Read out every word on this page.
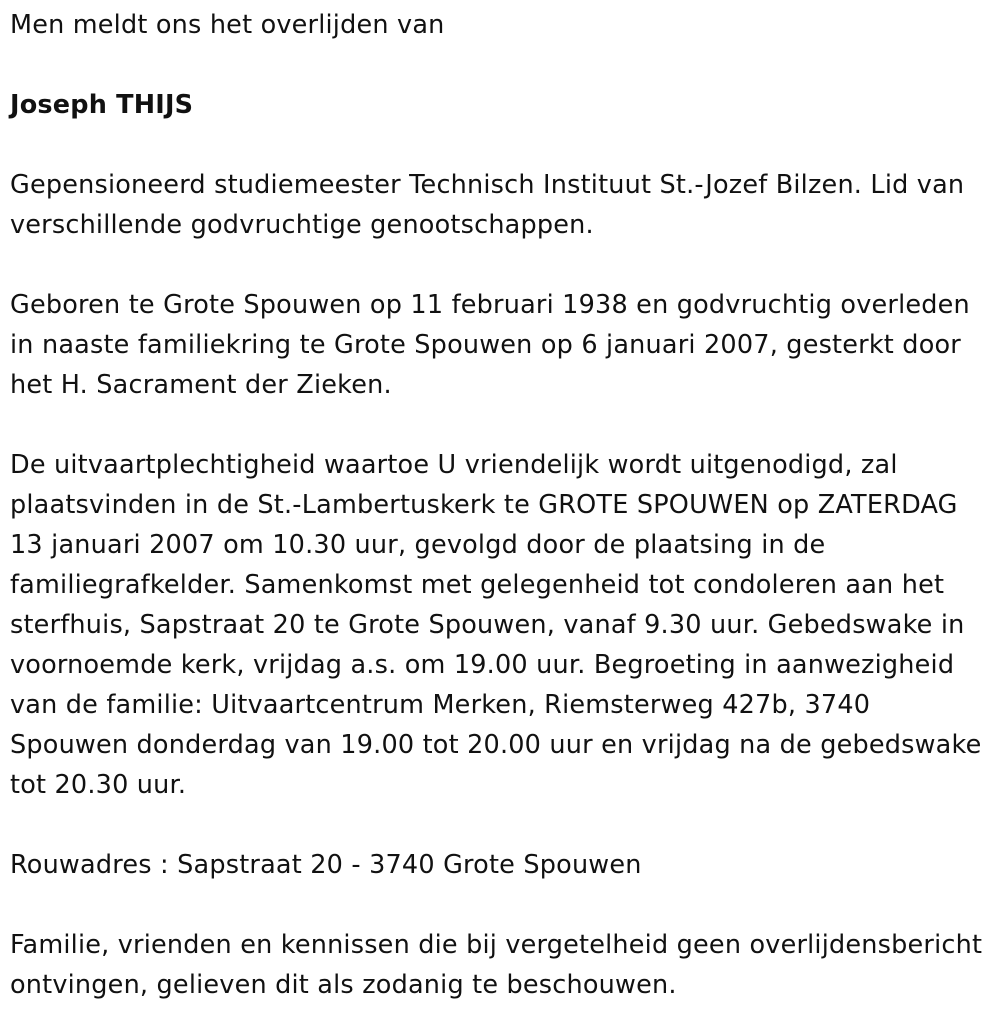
Men meldt ons het overlijden van

Joseph THIJS

Gepensioneerd studiemeester Technisch Instituut St.-Jozef Bilzen. Lid van verschillende godvruchtige genootschappen.

Geboren te Grote Spouwen op 11 februari 1938 en godvruchtig overleden in naaste familiekring te Grote Spouwen op 6 januari 2007, gesterkt door het H. Sacrament der Zieken.

De uitvaartplechtigheid waartoe U vriendelijk wordt uitgenodigd, zal plaatsvinden in de St.-Lambertuskerk te GROTE SPOUWEN op ZATERDAG 13 januari 2007 om 10.30 uur, gevolgd door de plaatsing in de familiegrafkelder. Samenkomst met gelegenheid tot condoleren aan het sterfhuis, Sapstraat 20 te Grote Spouwen, vanaf 9.30 uur. Gebedswake in voornoemde kerk, vrijdag a.s. om 19.00 uur. Begroeting in aanwezigheid van de familie: Uitvaartcentrum Merken, Riemsterweg 427b, 3740 Spouwen donderdag van 19.00 tot 20.00 uur en vrijdag na de gebedswake tot 20.30 uur.

Rouwadres : Sapstraat 20 - 3740 Grote Spouwen

Familie, vrienden en kennissen die bij vergetelheid geen overlijdensbericht ontvingen, gelieven dit als zodanig te beschouwen.
